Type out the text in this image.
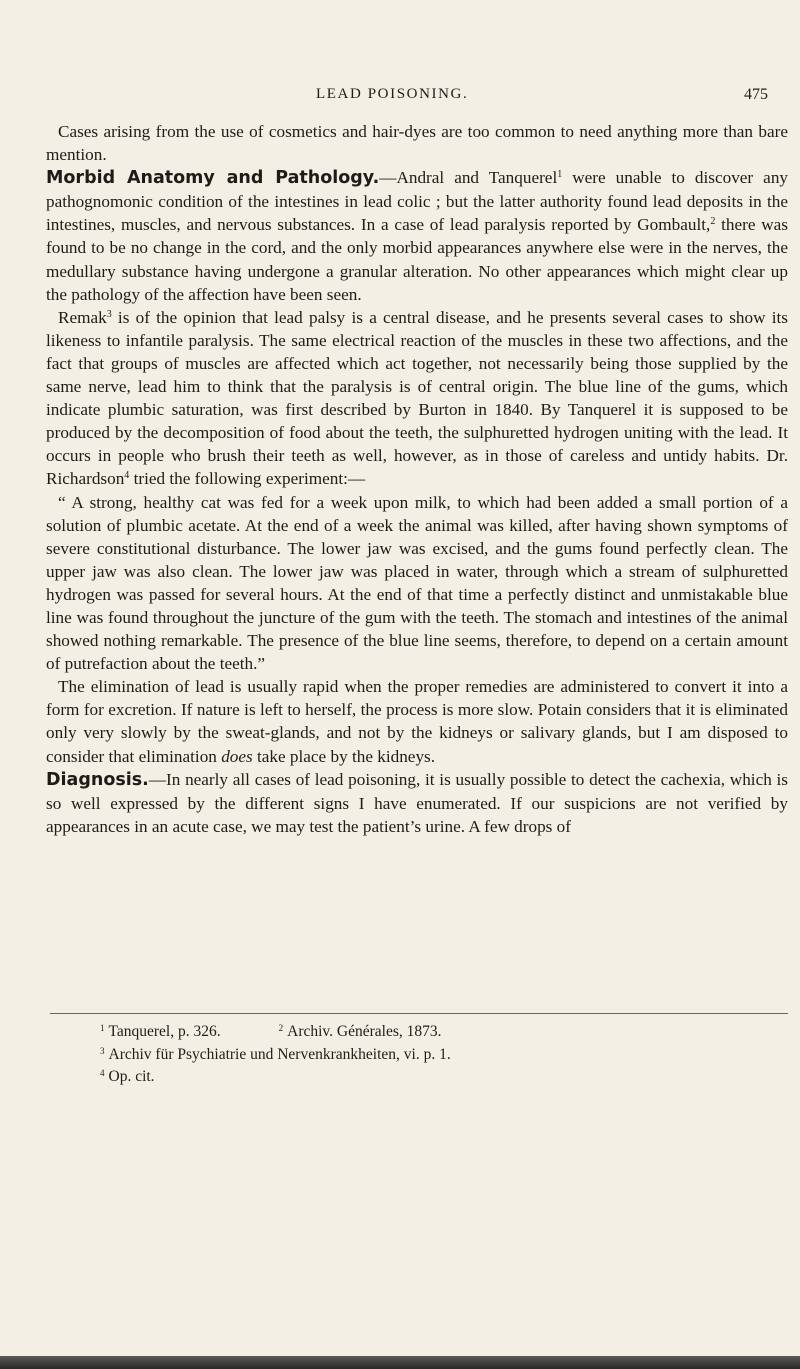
LEAD POISONING.	475

Cases arising from the use of cosmetics and hair-dyes are too common to need anything more than bare mention.

Morbid Anatomy and Pathology.—Andral and Tanquerel$^1$ were unable to discover any pathognomonic condition of the intestines in lead colic ; but the latter authority found lead deposits in the intestines, muscles, and nervous substances. In a case of lead paralysis reported by Gombault,$^2$ there was found to be no change in the cord, and the only morbid appearances anywhere else were in the nerves, the medullary substance having undergone a granular alteration. No other appearances which might clear up the pathology of the affection have been seen.

Remak$^3$ is of the opinion that lead palsy is a central disease, and he presents several cases to show its likeness to infantile paralysis. The same electrical reaction of the muscles in these two affections, and the fact that groups of muscles are affected which act together, not necessarily being those supplied by the same nerve, lead him to think that the paralysis is of central origin. The blue line of the gums, which indicate plumbic saturation, was first described by Burton in 1840. By Tanquerel it is supposed to be produced by the decomposition of food about the teeth, the sulphuretted hydrogen uniting with the lead. It occurs in people who brush their teeth as well, however, as in those of careless and untidy habits. Dr. Richardson$^4$ tried the following experiment:—

“ A strong, healthy cat was fed for a week upon milk, to which had been added a small portion of a solution of plumbic acetate. At the end of a week the animal was killed, after having shown symptoms of severe constitutional disturbance. The lower jaw was excised, and the gums found perfectly clean. The upper jaw was also clean. The lower jaw was placed in water, through which a stream of sulphuretted hydrogen was passed for several hours. At the end of that time a perfectly distinct and unmistakable blue line was found throughout the juncture of the gum with the teeth. The stomach and intestines of the animal showed nothing remarkable. The presence of the blue line seems, therefore, to depend on a certain amount of putrefaction about the teeth.”

The elimination of lead is usually rapid when the proper remedies are administered to convert it into a form for excretion. If nature is left to herself, the process is more slow. Potain considers that it is eliminated only very slowly by the sweat-glands, and not by the kidneys or salivary glands, but I am disposed to consider that elimination does take place by the kidneys.

Diagnosis.—In nearly all cases of lead poisoning, it is usually possible to detect the cachexia, which is so well expressed by the different signs I have enumerated. If our suspicions are not verified by appearances in an acute case, we may test the patient’s urine. A few drops of

$^1$ Tanquerel, p. 326.	$^2$ Archiv. Générales, 1873.
$^3$ Archiv für Psychiatrie und Nervenkrankheiten, vi. p. 1.
$^4$ Op. cit.
